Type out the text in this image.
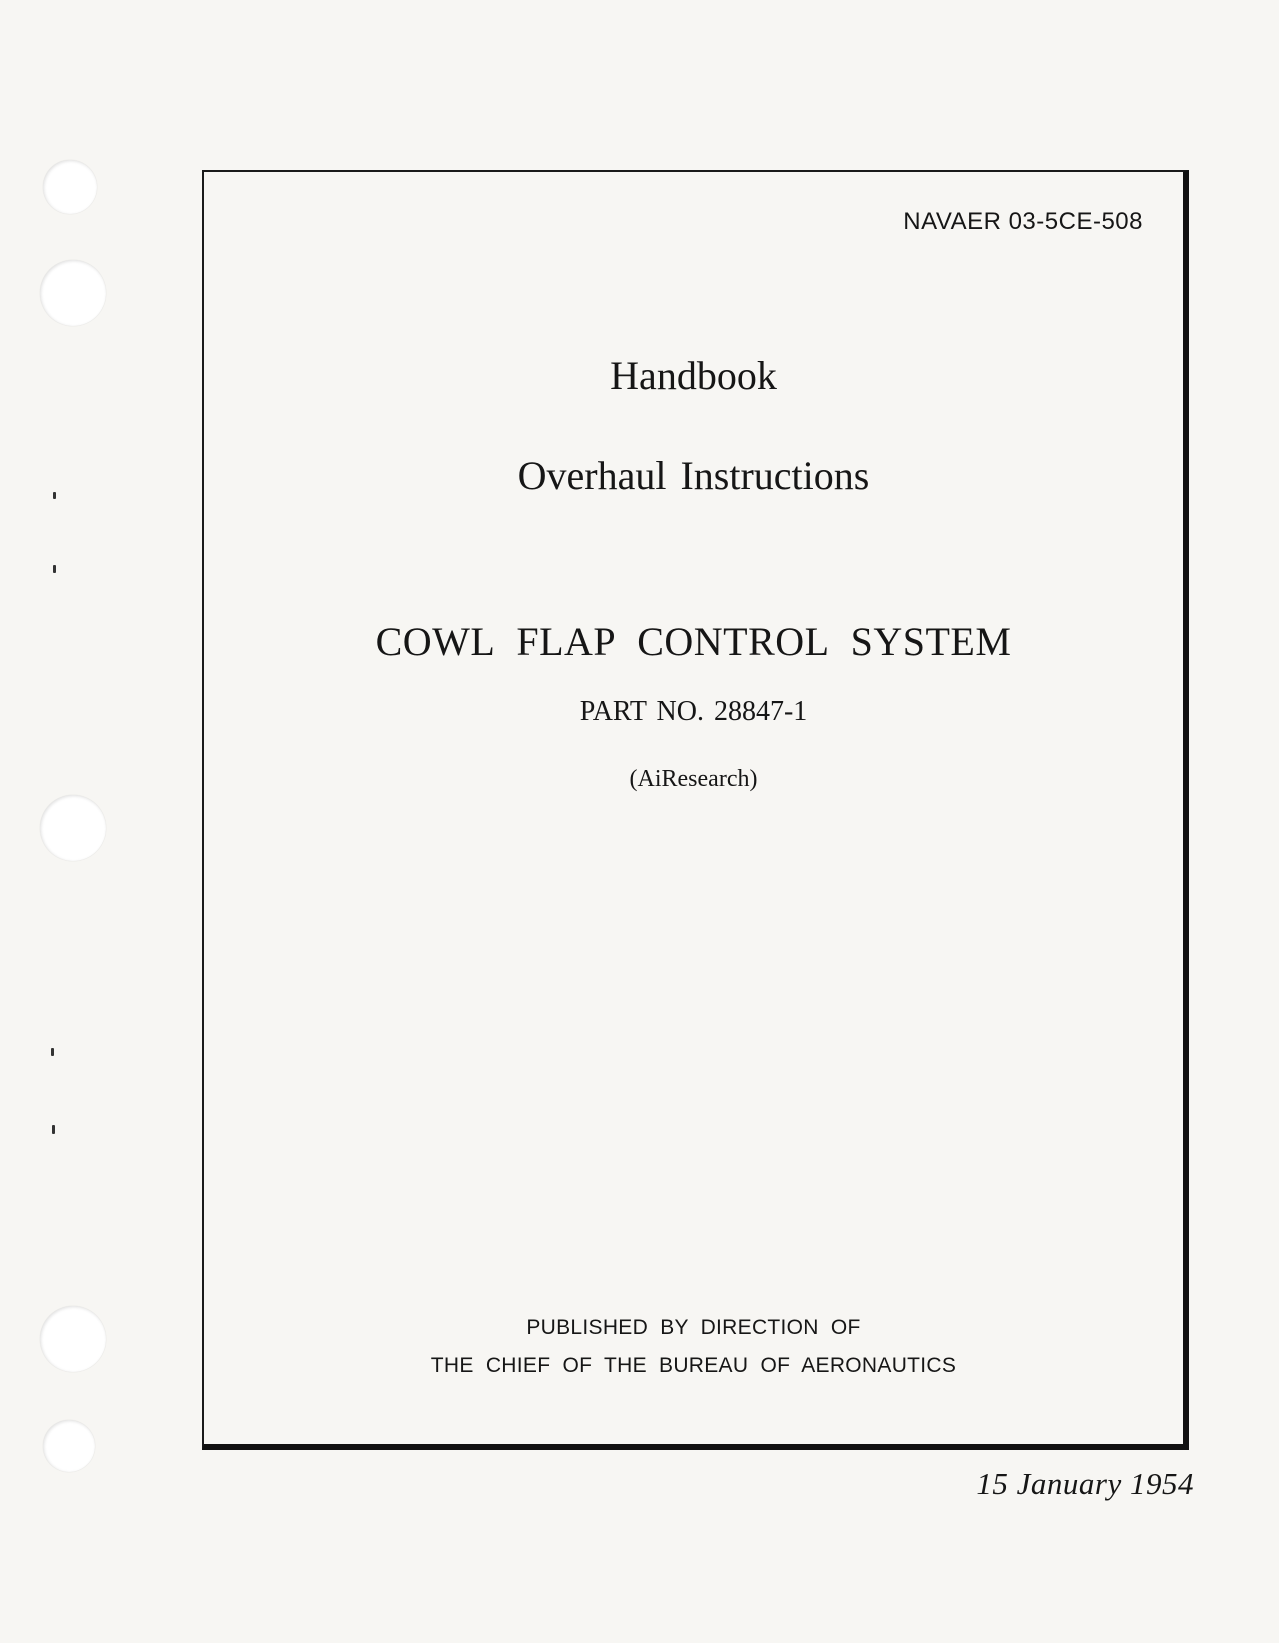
NAVAER 03-5CE-508
Handbook
Overhaul Instructions
COWL FLAP CONTROL SYSTEM
PART NO. 28847-1
(AiResearch)
PUBLISHED BY DIRECTION OF
THE CHIEF OF THE BUREAU OF AERONAUTICS
15 January 1954
